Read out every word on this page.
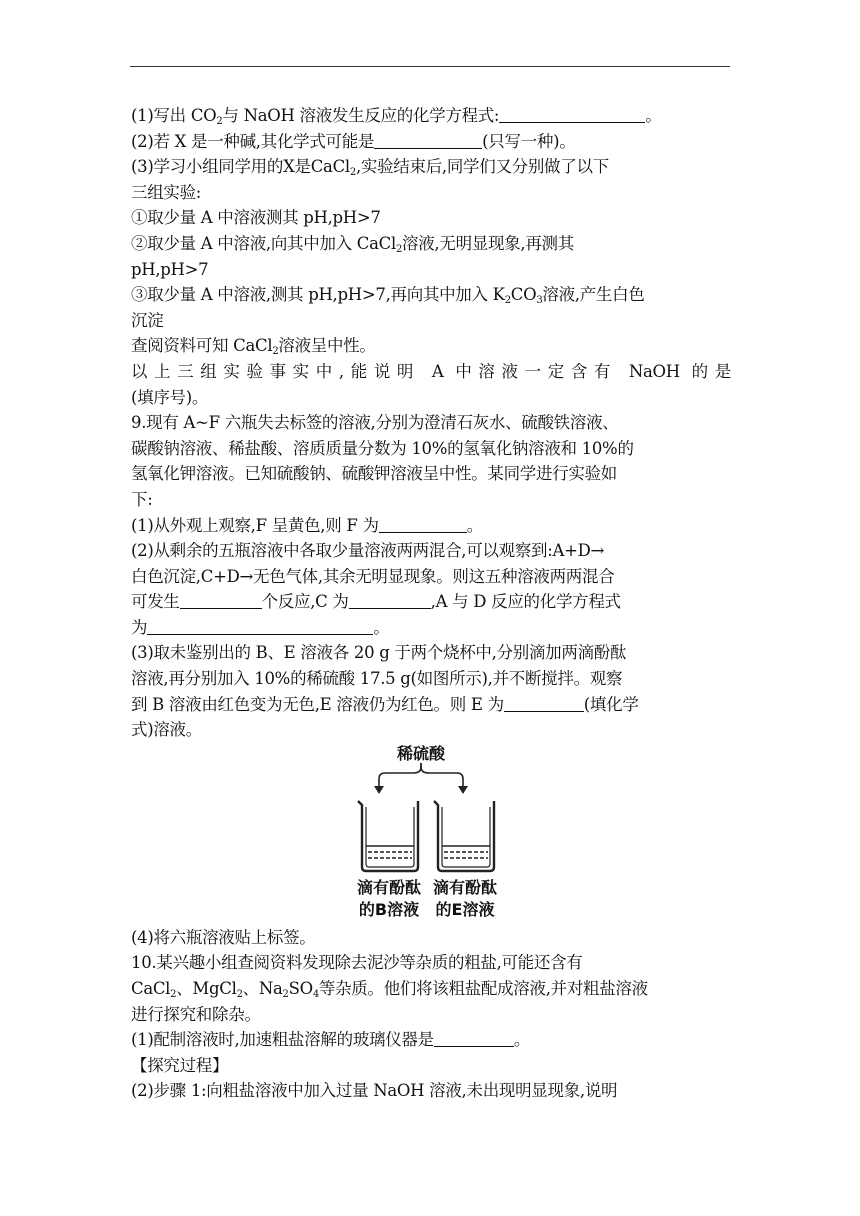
(1)写出 $CO_2$与 NaOH 溶液发生反应的化学方程式:	。
(2)若 X 是一种碱,其化学式可能是	(只写一种)。
(3)学习小组同学用的X是CaCl$_2$,实验结束后,同学们又分别做了以下
三组实验:
①取少量 A 中溶液测其 pH,pH>7
②取少量 A 中溶液,向其中加入 CaCl$_2$溶液,无明显现象,再测其
pH,pH>7
③取少量 A 中溶液,测其 pH,pH>7,再向其中加入 $K_2CO_3$溶液,产生白色
沉淀
查阅资料可知 CaCl$_2$溶液呈中性。
以上三组实验事实中,能说明 A 中溶液一定含有 NaOH 的是
(填序号)。
9.现有 A~F 六瓶失去标签的溶液,分别为澄清石灰水、硫酸铁溶液、
碳酸钠溶液、稀盐酸、溶质质量分数为 10%的氢氧化钠溶液和 10%的
氢氧化钾溶液。已知硫酸钠、硫酸钾溶液呈中性。某同学进行实验如
下:
(1)从外观上观察,F 呈黄色,则 F 为	。
(2)从剩余的五瓶溶液中各取少量溶液两两混合,可以观察到:A+D→
白色沉淀,C+D→无色气体,其余无明显现象。则这五种溶液两两混合
可发生	个反应,C 为	,A 与 D 反应的化学方程式
为	。
(3)取未鉴别出的 B、E 溶液各 20 g 于两个烧杯中,分别滴加两滴酚酞
溶液,再分别加入 10%的稀硫酸 17.5 g(如图所示),并不断搅拌。观察
到 B 溶液由红色变为无色,E 溶液仍为红色。则 E 为	(填化学
式)溶液。
稀硫酸
滴有酚酞
的B溶液
滴有酚酞
的E溶液
(4)将六瓶溶液贴上标签。
10.某兴趣小组查阅资料发现除去泥沙等杂质的粗盐,可能还含有
CaCl$_2$、MgCl$_2$、$Na_2SO_4$等杂质。他们将该粗盐配成溶液,并对粗盐溶液
进行探究和除杂。
(1)配制溶液时,加速粗盐溶解的玻璃仪器是	。
【探究过程】
(2)步骤 1:向粗盐溶液中加入过量 NaOH 溶液,未出现明显现象,说明
